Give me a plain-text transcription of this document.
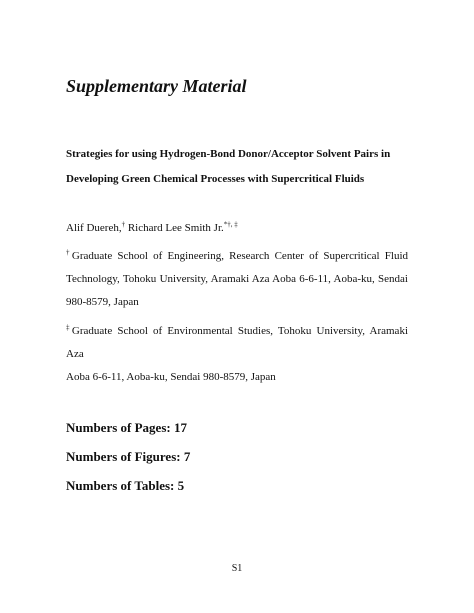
Supplementary Material
Strategies for using Hydrogen-Bond Donor/Acceptor Solvent Pairs in
Developing Green Chemical Processes with Supercritical Fluids
Alif Duereh,† Richard Lee Smith Jr.*†, ‡
†Graduate School of Engineering, Research Center of Supercritical Fluid
Technology, Tohoku University, Aramaki Aza Aoba 6-6-11, Aoba-ku, Sendai
980-8579, Japan
‡Graduate School of Environmental Studies, Tohoku University, Aramaki Aza
Aoba 6-6-11, Aoba-ku, Sendai 980-8579, Japan
Numbers of Pages: 17
Numbers of Figures: 7
Numbers of Tables: 5
S1
